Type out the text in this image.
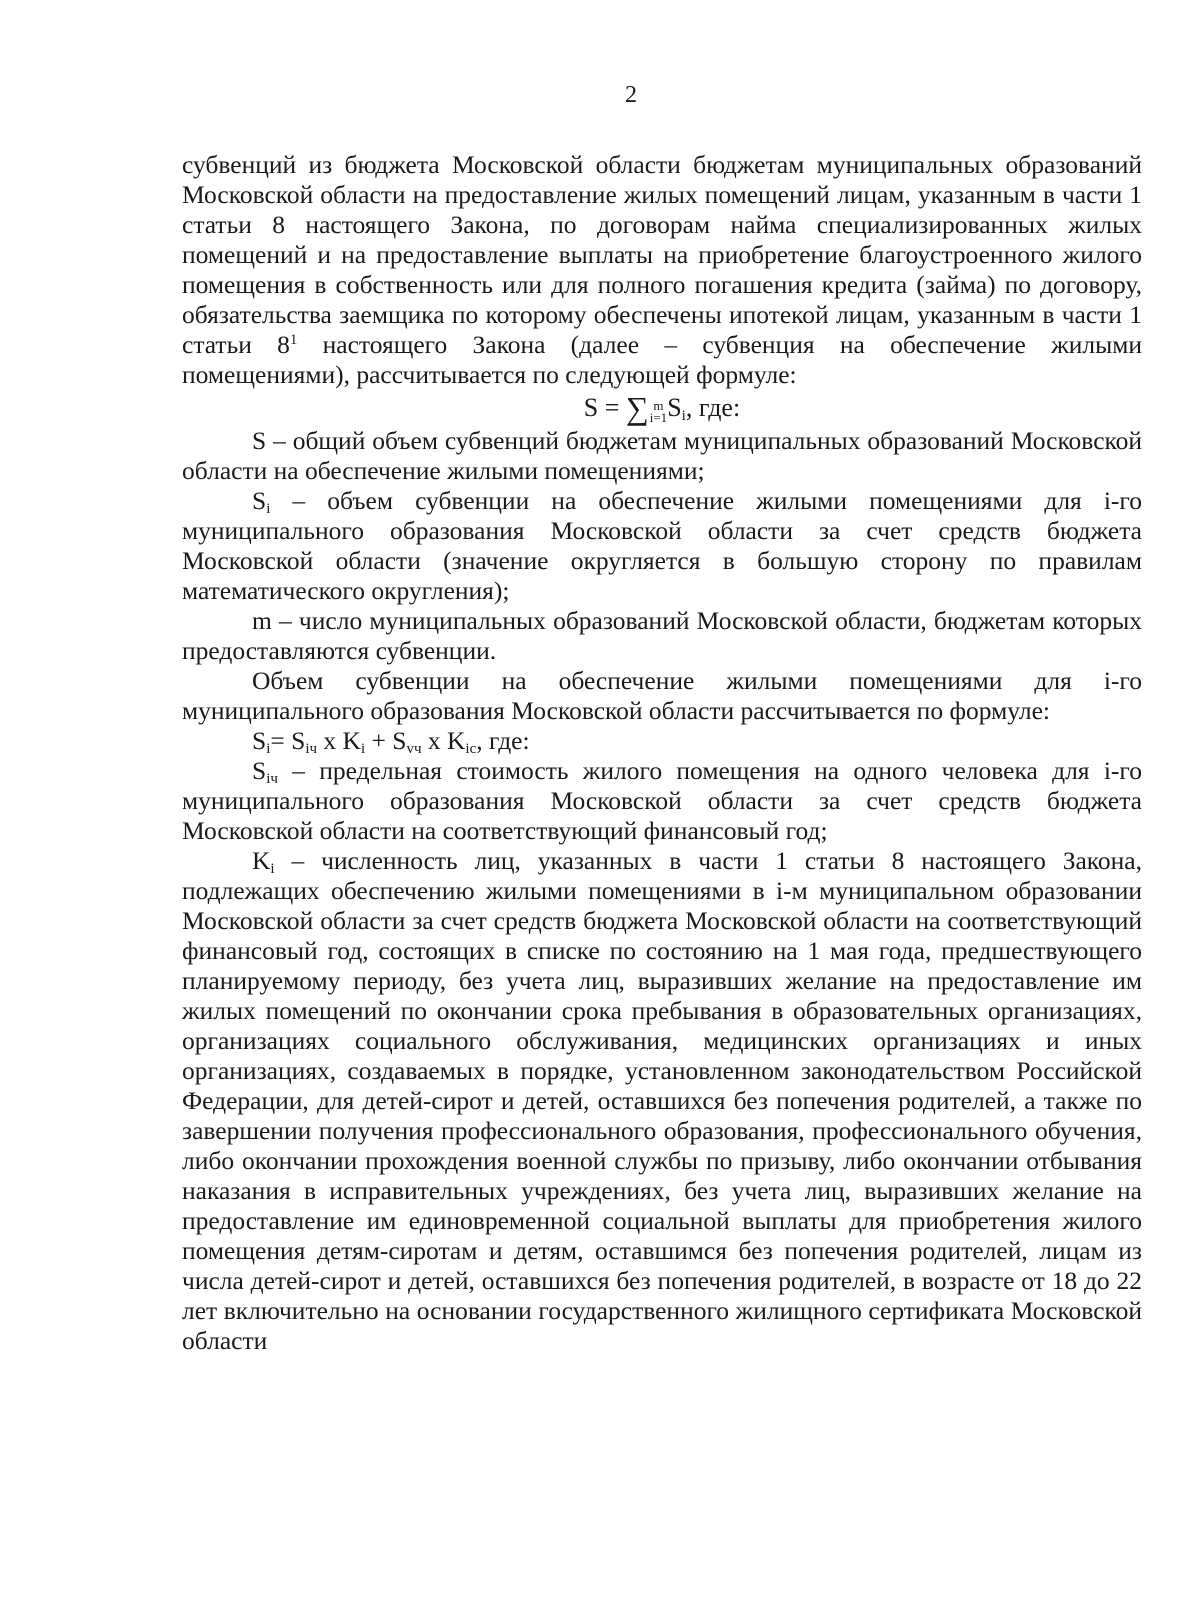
2

субвенций из бюджета Московской области бюджетам муниципальных образований Московской области на предоставление жилых помещений лицам, указанным в части 1 статьи 8 настоящего Закона, по договорам найма специализированных жилых помещений и на предоставление выплаты на приобретение благоустроенного жилого помещения в собственность или для полного погашения кредита (займа) по договору, обязательства заемщика по которому обеспечены ипотекой лицам, указанным в части 1 статьи $8^1$ настоящего Закона (далее – субвенция на обеспечение жилыми помещениями), рассчитывается по следующей формуле:

S = ∑ m
i=1 $S_i$, где:

S – общий объем субвенций бюджетам муниципальных образований Московской области на обеспечение жилыми помещениями;

$S_i$ – объем субвенции на обеспечение жилыми помещениями для i-го муниципального образования Московской области за счет средств бюджета Московской области (значение округляется в большую сторону по правилам математического округления);

m – число муниципальных образований Московской области, бюджетам которых предоставляются субвенции.

Объем субвенции на обеспечение жилыми помещениями для i-го муниципального образования Московской области рассчитывается по формуле:

$S_i= S_{iч}$ x $K_i + S_{vч}$ x $K_{ic}$, где:

$S_{iч}$ – предельная стоимость жилого помещения на одного человека для i-го муниципального образования Московской области за счет средств бюджета Московской области на соответствующий финансовый год;

$K_i$ – численность лиц, указанных в части 1 статьи 8 настоящего Закона, подлежащих обеспечению жилыми помещениями в i-м муниципальном образовании Московской области за счет средств бюджета Московской области на соответствующий финансовый год, состоящих в списке по состоянию на 1 мая года, предшествующего планируемому периоду, без учета лиц, выразивших желание на предоставление им жилых помещений по окончании срока пребывания в образовательных организациях, организациях социального обслуживания, медицинских организациях и иных организациях, создаваемых в порядке, установленном законодательством Российской Федерации, для детей-сирот и детей, оставшихся без попечения родителей, а также по завершении получения профессионального образования, профессионального обучения, либо окончании прохождения военной службы по призыву, либо окончании отбывания наказания в исправительных учреждениях, без учета лиц, выразивших желание на предоставление им единовременной социальной выплаты для приобретения жилого помещения детям-сиротам и детям, оставшимся без попечения родителей, лицам из числа детей-сирот и детей, оставшихся без попечения родителей, в возрасте от 18 до 22 лет включительно на основании государственного жилищного сертификата Московской области
